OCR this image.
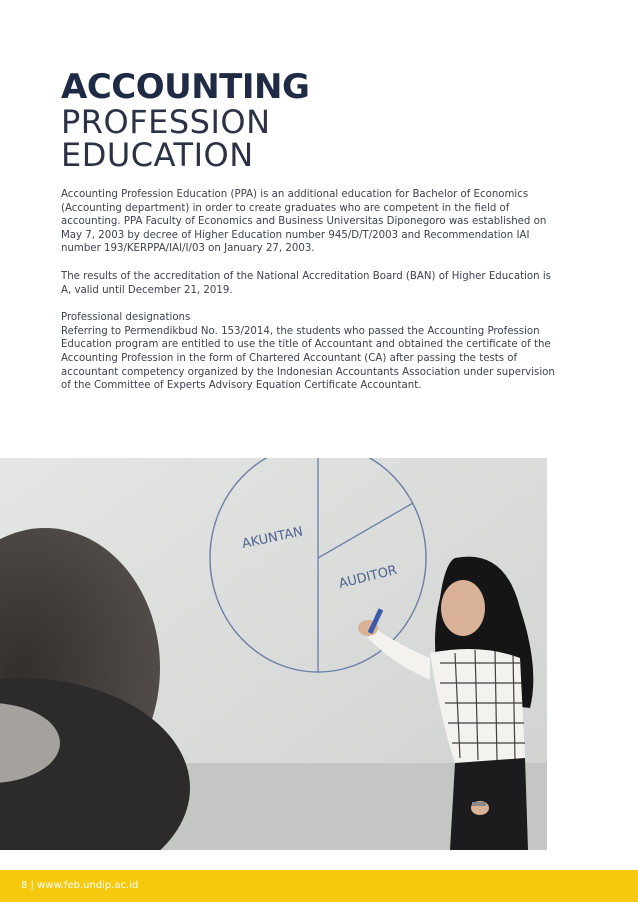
ACCOUNTING
PROFESSION
EDUCATION

Accounting Profession Education (PPA) is an additional education for Bachelor of Economics (Accounting department) in order to create graduates who are competent in the field of accounting. PPA Faculty of Economics and Business Universitas Diponegoro was established on May 7, 2003 by decree of Higher Education number 945/D/T/2003 and Recommendation IAI number 193/KERPPA/IAI/I/03 on January 27, 2003.

The results of the accreditation of the National Accreditation Board (BAN) of Higher Education is A, valid until December 21, 2019.

Professional designations

Referring to Permendikbud No. 153/2014, the students who passed the Accounting Profession Education program are entitled to use the title of Accountant and obtained the certificate of the Accounting Profession in the form of Chartered Accountant (CA) after passing the tests of accountant competency organized by the Indonesian Accountants Association under supervision of the Committee of Experts Advisory Equation Certificate Accountant.

AKUNTAN
AUDITOR
8 | www.feb.undip.ac.id
